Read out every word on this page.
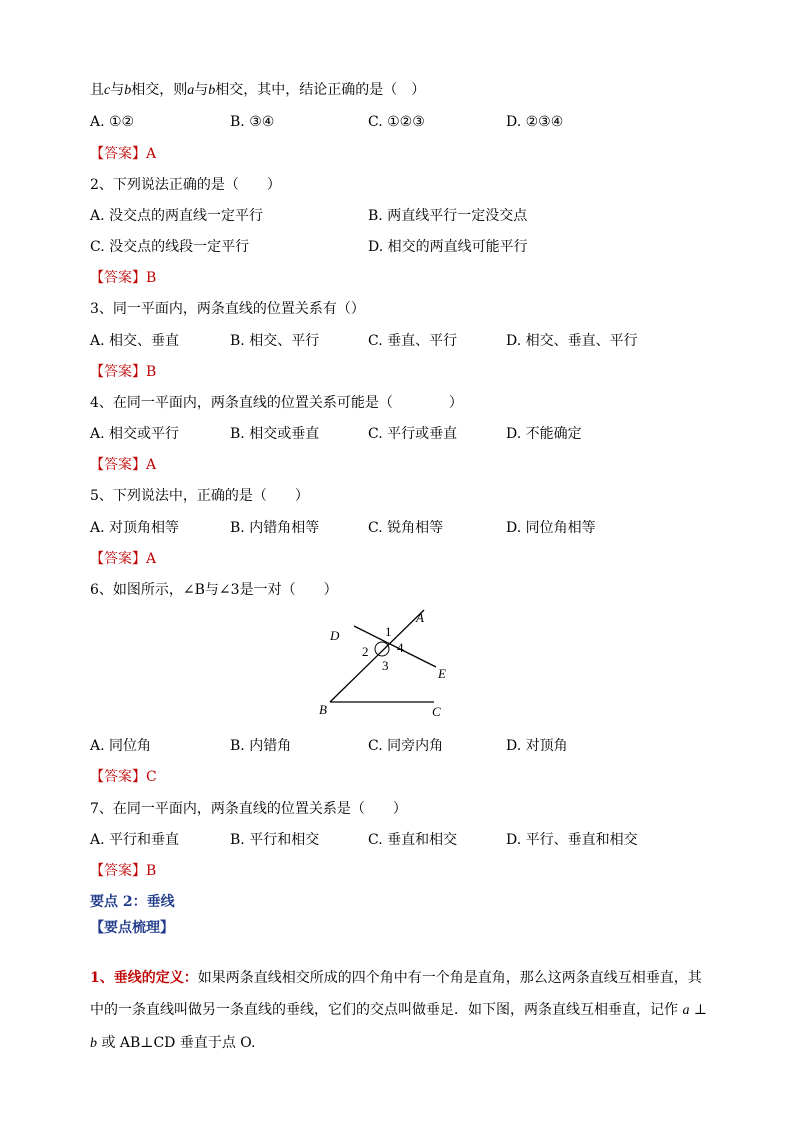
且c与b相交，则a与b相交，其中，结论正确的是（　）
A. ①②	B. ③④	C. ①②③	D. ②③④
【答案】A
2、下列说法正确的是（　　）
A. 没交点的两直线一定平行	B. 两直线平行一定没交点
C. 没交点的线段一定平行	D. 相交的两直线可能平行
【答案】B
3、同一平面内，两条直线的位置关系有（）
A. 相交、垂直	B. 相交、平行	C. 垂直、平行	D. 相交、垂直、平行
【答案】B
4、在同一平面内，两条直线的位置关系可能是（　　　　）
A. 相交或平行	B. 相交或垂直	C. 平行或垂直	D. 不能确定
【答案】A
5、下列说法中，正确的是（　　）
A. 对顶角相等	B. 内错角相等	C. 锐角相等	D. 同位角相等
【答案】A
6、如图所示，∠B与∠3是一对（　　）
D
A
E
B	C
1
2
3
4
A. 同位角	B. 内错角	C. 同旁内角	D. 对顶角
【答案】C
7、在同一平面内，两条直线的位置关系是（　　）
A. 平行和垂直	B. 平行和相交	C. 垂直和相交	D. 平行、垂直和相交
【答案】B
要点 2：垂线
【要点梳理】
1、垂线的定义：如果两条直线相交所成的四个角中有一个角是直角，那么这两条直线互相垂直，其中的一条直线叫做另一条直线的垂线，它们的交点叫做垂足．如下图，两条直线互相垂直，记作 a ⊥ b 或 AB⊥CD 垂直于点 O.
